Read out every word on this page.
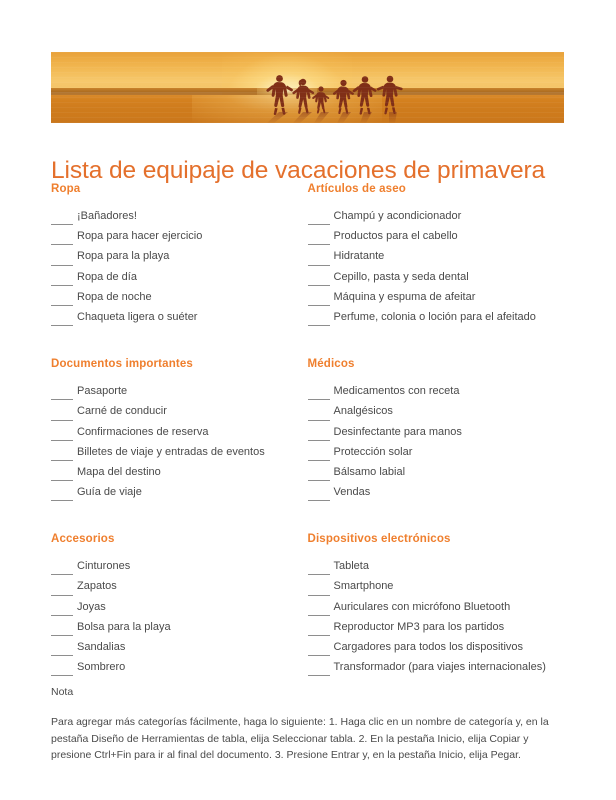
Lista de equipaje de vacaciones de primavera
Ropa
¡Bañadores!
Ropa para hacer ejercicio
Ropa para la playa
Ropa de día
Ropa de noche
Chaqueta ligera o suéter
Artículos de aseo
Champú y acondicionador
Productos para el cabello
Hidratante
Cepillo, pasta y seda dental
Máquina y espuma de afeitar
Perfume, colonia o loción para el afeitado
Documentos importantes
Pasaporte
Carné de conducir
Confirmaciones de reserva
Billetes de viaje y entradas de eventos
Mapa del destino
Guía de viaje
Médicos
Medicamentos con receta
Analgésicos
Desinfectante para manos
Protección solar
Bálsamo labial
Vendas
Accesorios
Cinturones
Zapatos
Joyas
Bolsa para la playa
Sandalias
Sombrero
Dispositivos electrónicos
Tableta
Smartphone
Auriculares con micrófono Bluetooth
Reproductor MP3 para los partidos
Cargadores para todos los dispositivos
Transformador (para viajes internacionales)
Nota
Para agregar más categorías fácilmente, haga lo siguiente: 1. Haga clic en un nombre de categoría y, en la pestaña Diseño de Herramientas de tabla, elija Seleccionar tabla. 2. En la pestaña Inicio, elija Copiar y presione Ctrl+Fin para ir al final del documento. 3. Presione Entrar y, en la pestaña Inicio, elija Pegar.
